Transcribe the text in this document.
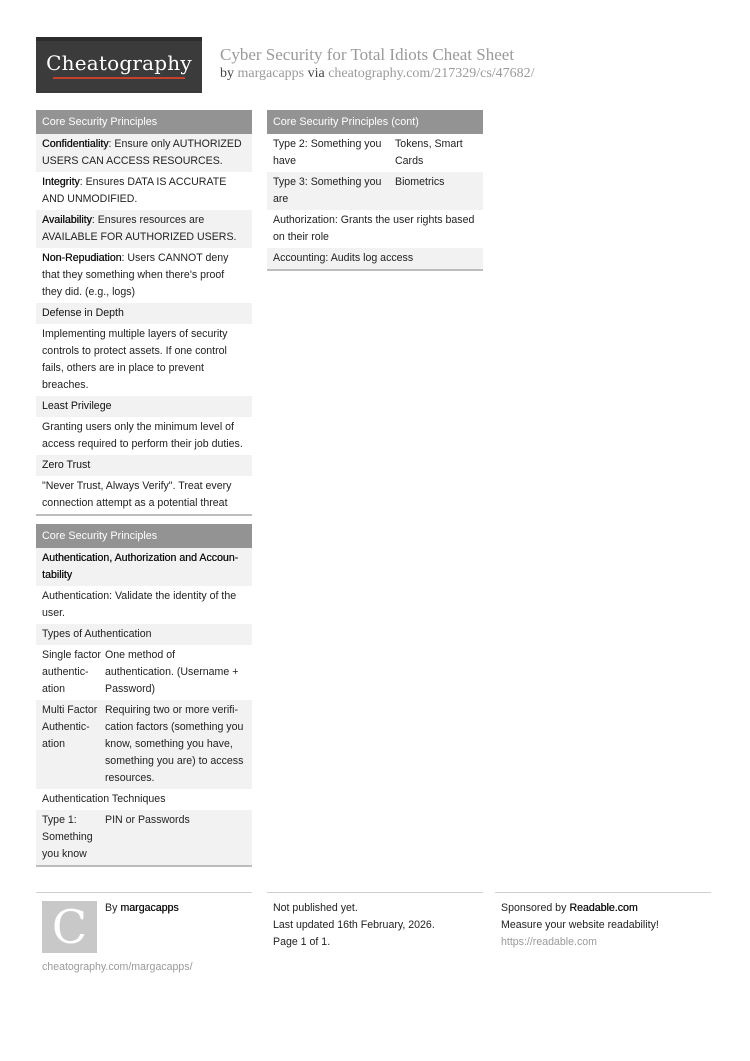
Cheatography	Cyber Security for Total Idiots Cheat Sheet
by margacapps via cheatography.com/217329/cs/47682/
Core Security Principles
Confidentiality: Ensure only AUTHORIZED USERS CAN ACCESS RESOURCES.
Integrity: Ensures DATA IS ACCURATE AND UNMODIFIED.
Availability: Ensures resources are AVAILABLE FOR AUTHORIZED USERS.
Non-Repudiation: Users CANNOT deny that they something when there's proof they did. (e.g., logs)
Defense in Depth
Implementing multiple layers of security controls to protect assets. If one control fails, others are in place to prevent breaches.
Least Privilege
Granting users only the minimum level of access required to perform their job duties.
Zero Trust
"Never Trust, Always Verify". Treat every connection attempt as a potential threat
Core Security Principles
Authentication, Authorization and Accountability
Authentication: Validate the identity of the user.
Types of Authentication
Single factor authentication
One method of authentication. (Username + Password)
Multi Factor Authentication
Requiring two or more verification factors (something you know, something you have, something you are) to access resources.
Authentication Techniques
Type 1: Something you know
PIN or Passwords
Core Security Principles (cont)
Type 2: Something you have
Tokens, Smart Cards
Type 3: Something you are
Biometrics
Authorization: Grants the user rights based on their role
Accounting: Audits log access
C	By margacapps
cheatography.com/margacapps/
Not published yet.
Last updated 16th February, 2026.
Page 1 of 1.
Sponsored by Readable.com
Measure your website readability!
https://readable.com
